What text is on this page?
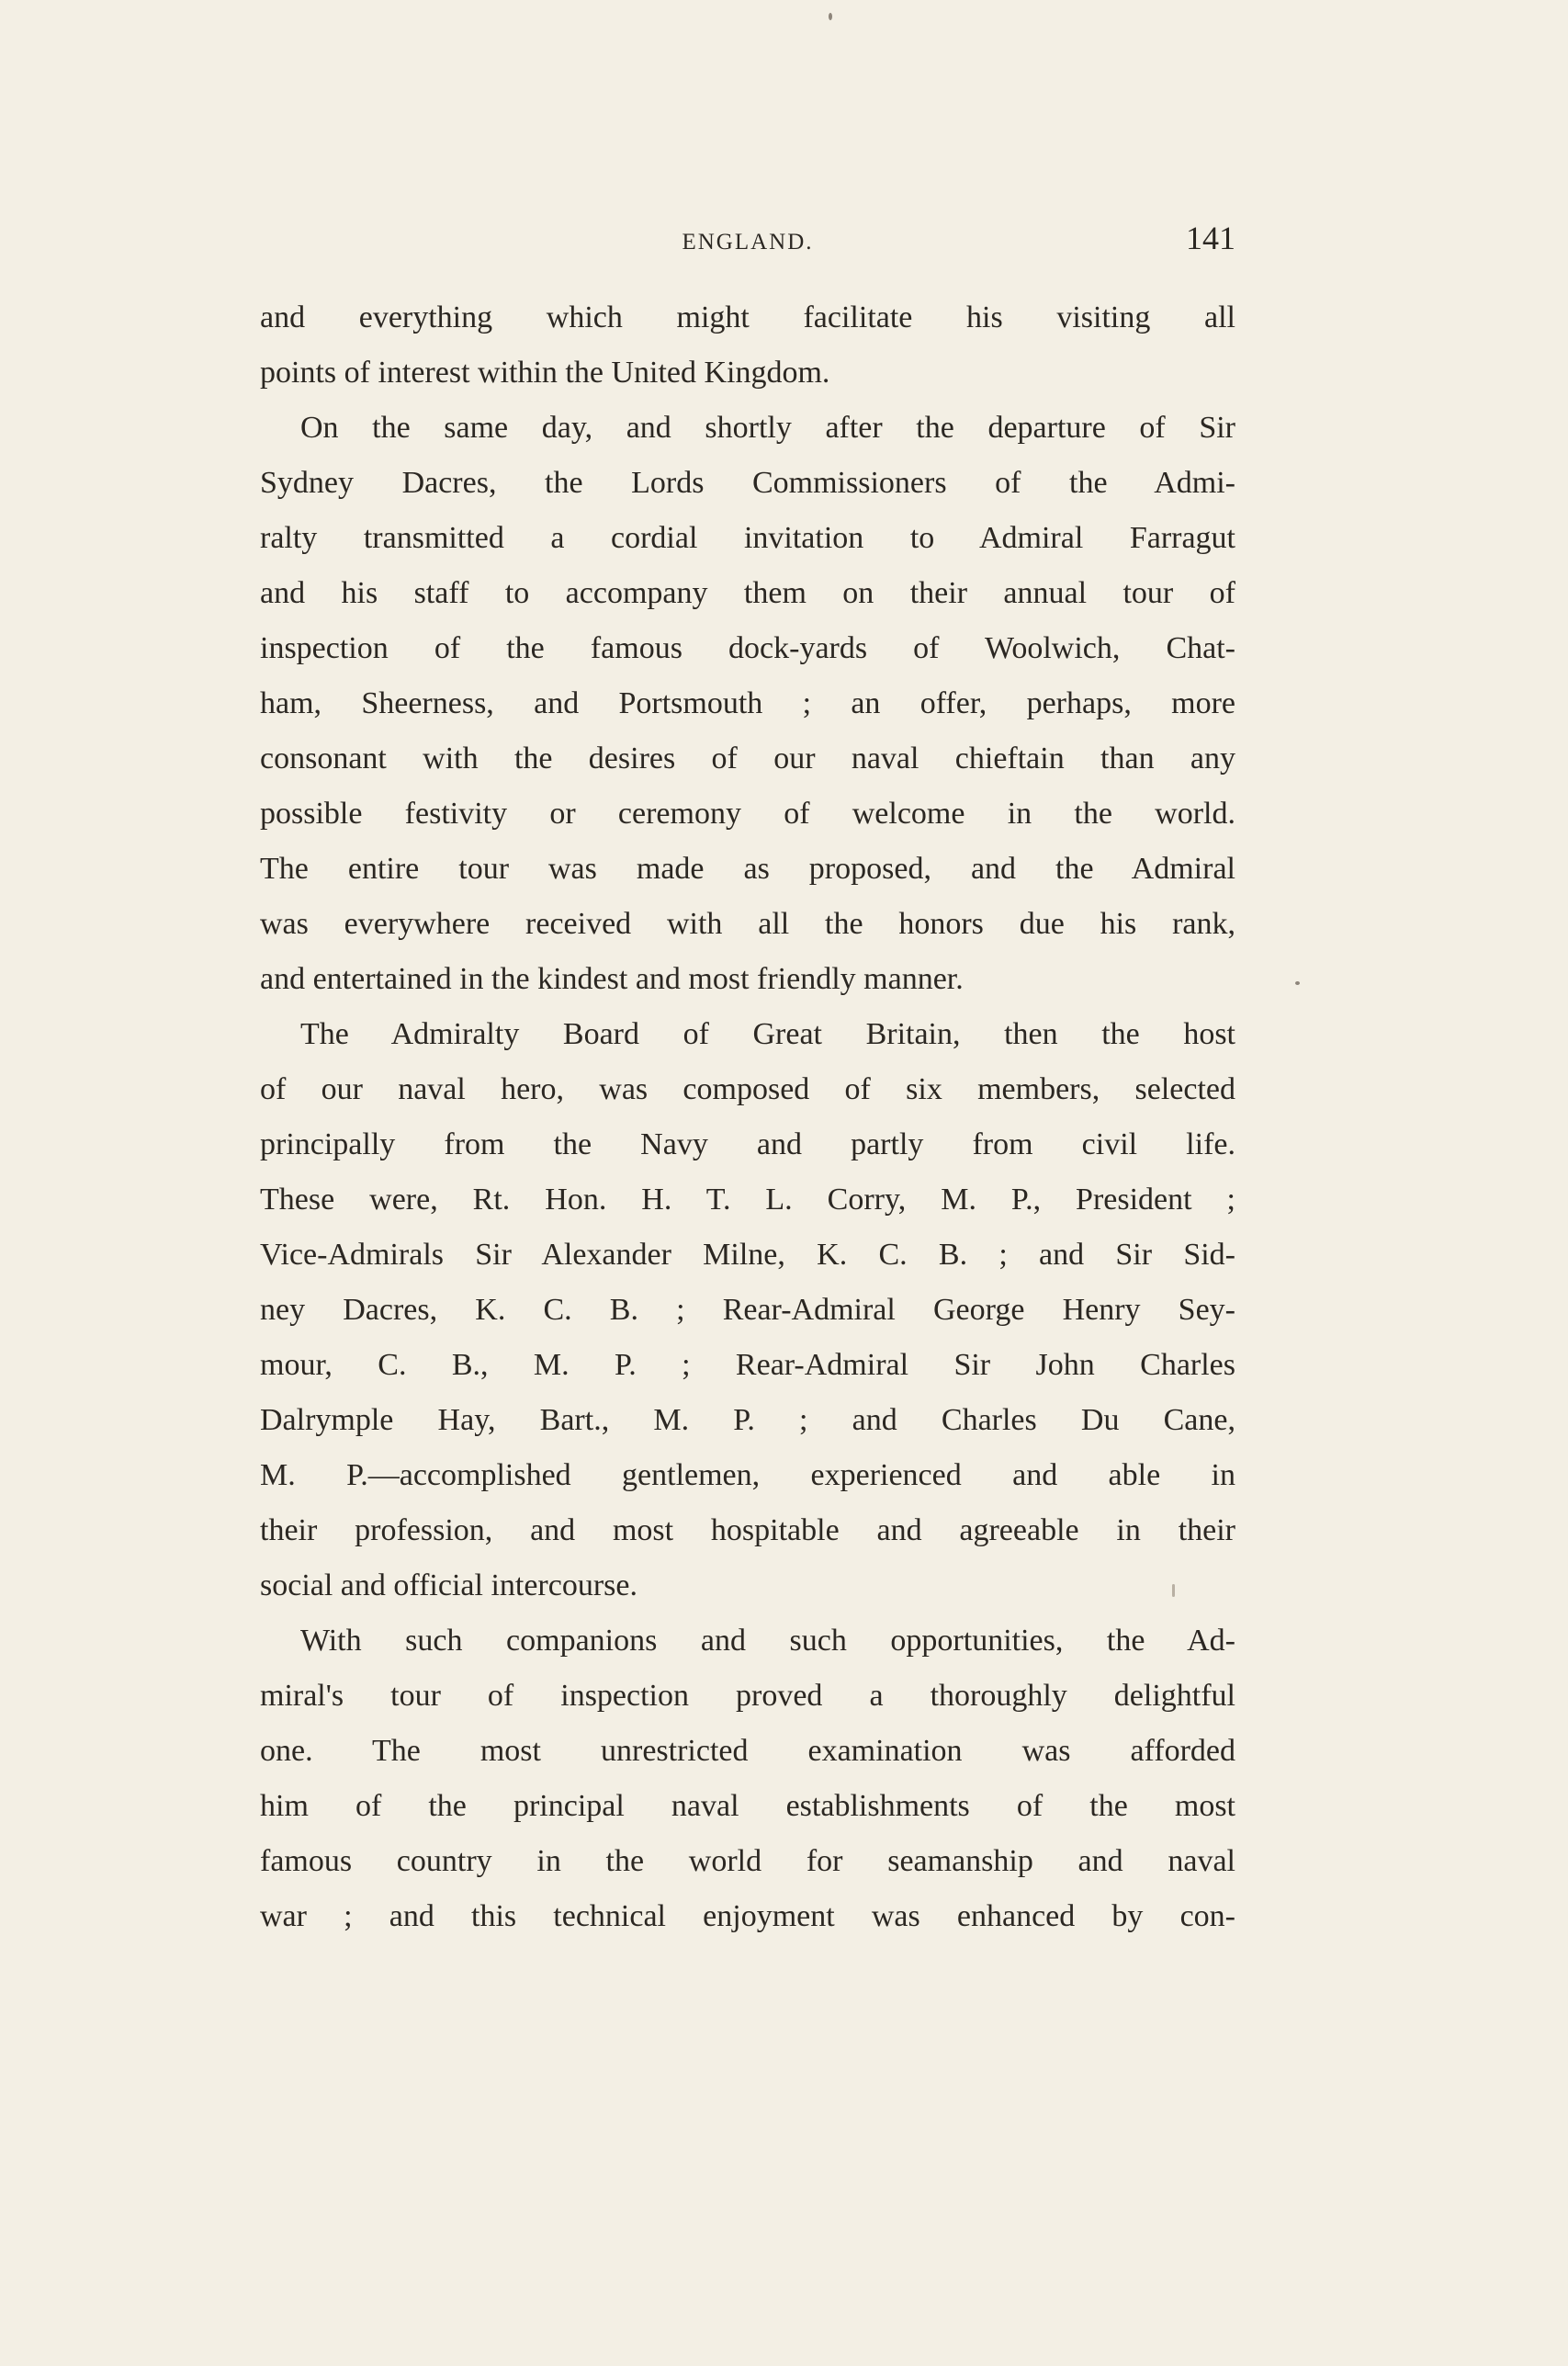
ENGLAND.	141
and everything which might facilitate his visiting all
points of interest within the United Kingdom.
On the same day, and shortly after the departure of Sir
Sydney Dacres, the Lords Commissioners of the Admi-
ralty transmitted a cordial invitation to Admiral Farragut
and his staff to accompany them on their annual tour of
inspection of the famous dock-yards of Woolwich, Chat-
ham, Sheerness, and Portsmouth ; an offer, perhaps, more
consonant with the desires of our naval chieftain than any
possible festivity or ceremony of welcome in the world.
The entire tour was made as proposed, and the Admiral
was everywhere received with all the honors due his rank,
and entertained in the kindest and most friendly manner.
The Admiralty Board of Great Britain, then the host
of our naval hero, was composed of six members, selected
principally from the Navy and partly from civil life.
These were, Rt. Hon. H. T. L. Corry, M. P., President ;
Vice-Admirals Sir Alexander Milne, K. C. B. ; and Sir Sid-
ney Dacres, K. C. B. ; Rear-Admiral George Henry Sey-
mour, C. B., M. P. ; Rear-Admiral Sir John Charles
Dalrymple Hay, Bart., M. P. ; and Charles Du Cane,
M. P.—accomplished gentlemen, experienced and able in
their profession, and most hospitable and agreeable in their
social and official intercourse.
With such companions and such opportunities, the Ad-
miral's tour of inspection proved a thoroughly delightful
one. The most unrestricted examination was afforded
him of the principal naval establishments of the most
famous country in the world for seamanship and naval
war ; and this technical enjoyment was enhanced by con-
